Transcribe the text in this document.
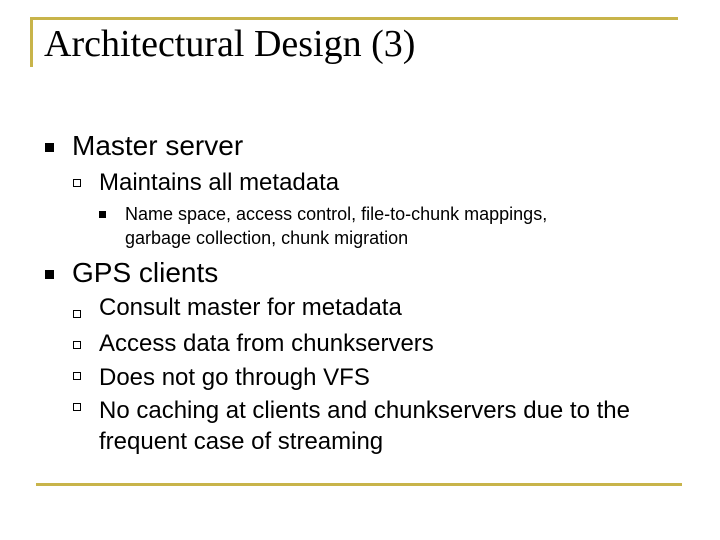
Architectural Design (3)
Master server
Maintains all metadata
Name space, access control, file-to-chunk mappings,
garbage collection, chunk migration
GPS clients
Consult master for metadata
Access data from chunkservers
Does not go through VFS
No caching at clients and chunkservers due to the
frequent case of streaming
